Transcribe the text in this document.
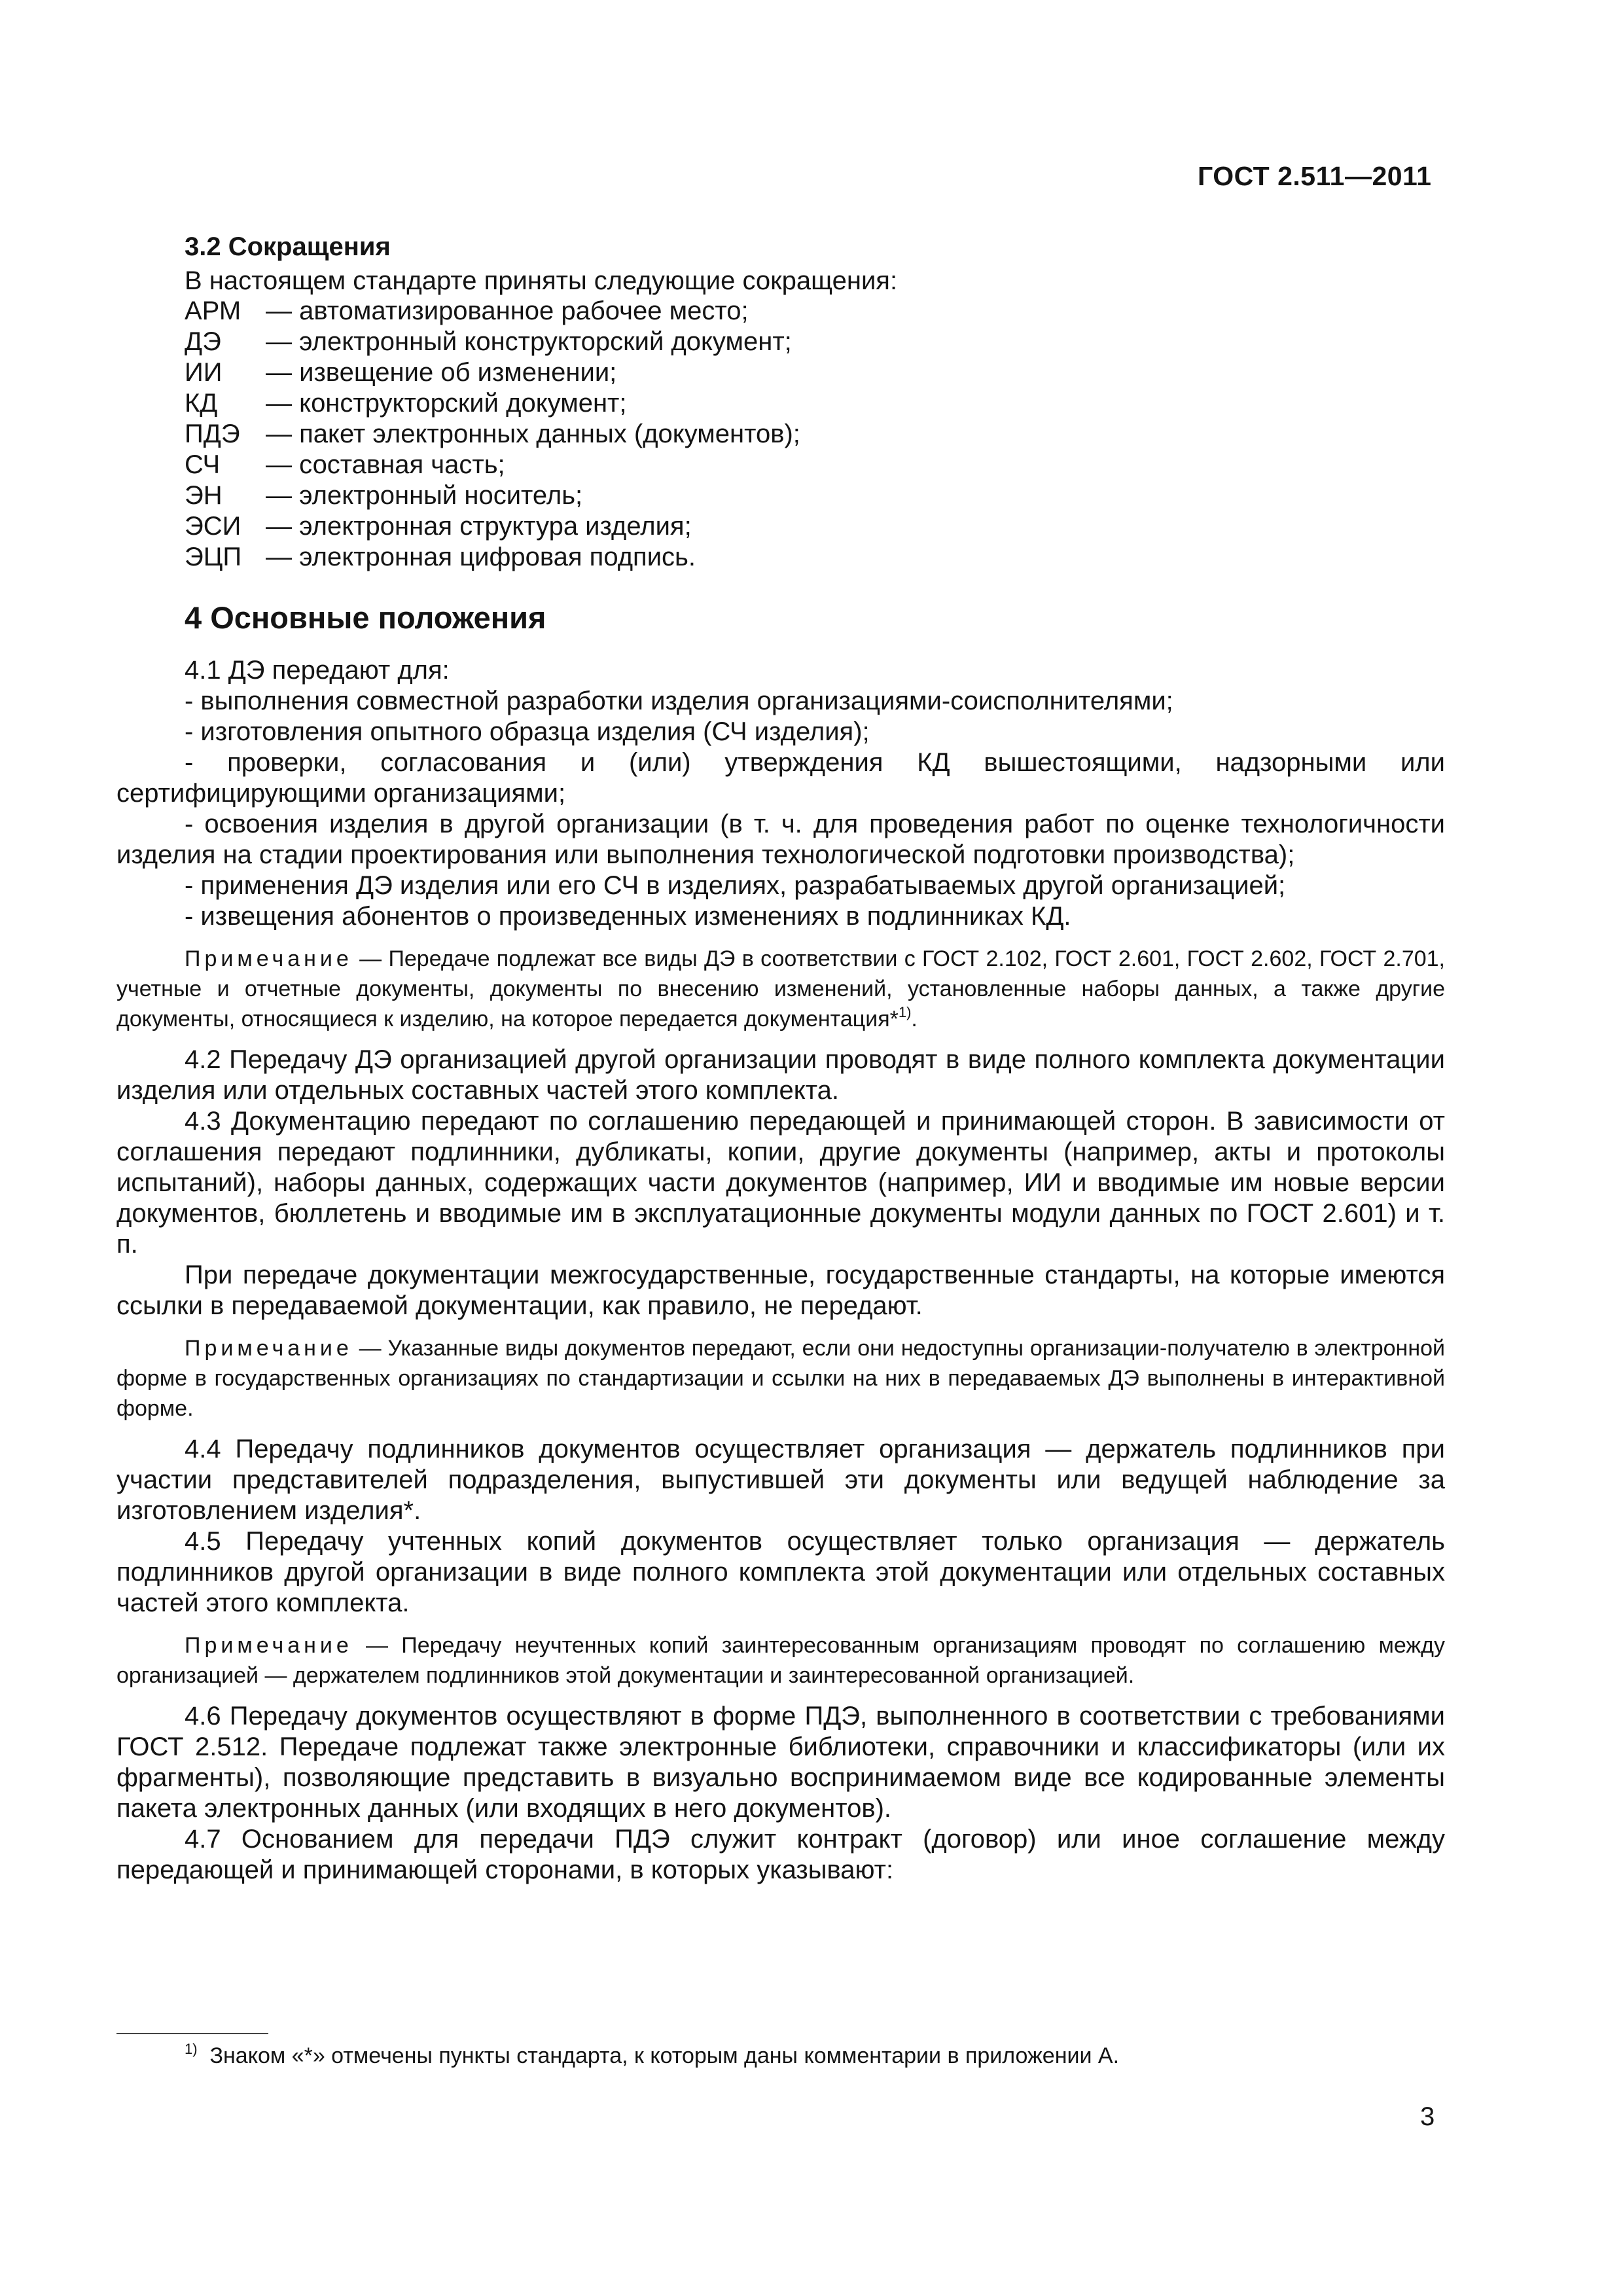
ГОСТ 2.511—2011

3.2 Сокращения

В настоящем стандарте приняты следующие сокращения:

АРМ	— автоматизированное рабочее место;
ДЭ	— электронный конструкторский документ;
ИИ	— извещение об изменении;
КД	— конструкторский документ;
ПДЭ	— пакет электронных данных (документов);
СЧ	— составная часть;
ЭН	— электронный носитель;
ЭСИ	— электронная структура изделия;
ЭЦП	— электронная цифровая подпись.

4 Основные положения

4.1 ДЭ передают для:

- выполнения совместной разработки изделия организациями-соисполнителями;

- изготовления опытного образца изделия (СЧ изделия);

- проверки, согласования и (или) утверждения КД вышестоящими, надзорными или сертифицирующими организациями;

- освоения изделия в другой организации (в т. ч. для проведения работ по оценке технологичности изделия на стадии проектирования или выполнения технологической подготовки производства);

- применения ДЭ изделия или его СЧ в изделиях, разрабатываемых другой организацией;

- извещения абонентов о произведенных изменениях в подлинниках КД.

Примечание — Передаче подлежат все виды ДЭ в соответствии с ГОСТ 2.102, ГОСТ 2.601, ГОСТ 2.602, ГОСТ 2.701, учетные и отчетные документы, документы по внесению изменений, установленные наборы данных, а также другие документы, относящиеся к изделию, на которое передается документация*$^{1)}$.

4.2 Передачу ДЭ организацией другой организации проводят в виде полного комплекта документации изделия или отдельных составных частей этого комплекта.

4.3 Документацию передают по соглашению передающей и принимающей сторон. В зависимости от соглашения передают подлинники, дубликаты, копии, другие документы (например, акты и протоколы испытаний), наборы данных, содержащих части документов (например, ИИ и вводимые им новые версии документов, бюллетень и вводимые им в эксплуатационные документы модули данных по ГОСТ 2.601) и т. п.

При передаче документации межгосударственные, государственные стандарты, на которые имеются ссылки в передаваемой документации, как правило, не передают.

Примечание — Указанные виды документов передают, если они недоступны организации-получателю в электронной форме в государственных организациях по стандартизации и ссылки на них в передаваемых ДЭ выполнены в интерактивной форме.

4.4 Передачу подлинников документов осуществляет организация — держатель подлинников при участии представителей подразделения, выпустившей эти документы или ведущей наблюдение за изготовлением изделия*.

4.5 Передачу учтенных копий документов осуществляет только организация — держатель подлинников другой организации в виде полного комплекта этой документации или отдельных составных частей этого комплекта.

Примечание — Передачу неучтенных копий заинтересованным организациям проводят по соглашению между организацией — держателем подлинников этой документации и заинтересованной организацией.

4.6 Передачу документов осуществляют в форме ПДЭ, выполненного в соответствии с требованиями ГОСТ 2.512. Передаче подлежат также электронные библиотеки, справочники и классификаторы (или их фрагменты), позволяющие представить в визуально воспринимаемом виде все кодированные элементы пакета электронных данных (или входящих в него документов).

4.7 Основанием для передачи ПДЭ служит контракт (договор) или иное соглашение между передающей и принимающей сторонами, в которых указывают:

$^{1)}$ Знаком «*» отмечены пункты стандарта, к которым даны комментарии в приложении А.
3
